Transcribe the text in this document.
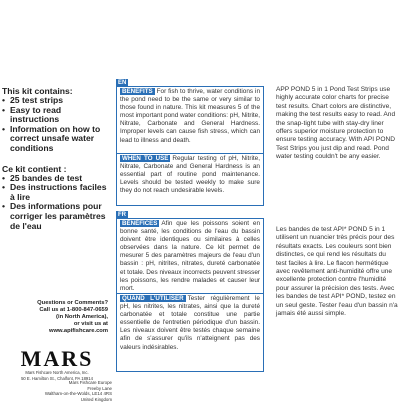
This kit contains:

• 25 test strips
• Easy to read instructions
• Information on how to correct unsafe water conditions

Ce kit contient :

• 25 bandes de test
• Des instructions faciles à lire
• Des informations pour corriger les paramètres de l'eau
Questions or Comments?
Call us at 1-800-847-0659
(in North America),
or visit us at
www.apifishcare.com
MARS
Mars Fishcare North America, Inc.
50 E. Hamilton St., Chalfont, PA 18914
Mars Fishcare Europe
Freeby Lane
Waltham-on-the-Wolds, LE14 4RS
United Kingdom
EN
BENEFITS For fish to thrive, water conditions in the pond need to be the same or very similar to those found in nature. This kit measures 5 of the most important pond water conditions: pH, Nitrite, Nitrate, Carbonate and General Hardness. Improper levels can cause fish stress, which can lead to illness and death.
WHEN TO USE Regular testing of pH, Nitrite, Nitrate, Carbonate and General Hardness is an essential part of routine pond maintenance. Levels should be tested weekly to make sure they do not reach undesirable levels.
FR
BÉNÉFICES Afin que les poissons soient en bonne santé, les conditions de l'eau du bassin doivent être identiques ou similaires à celles observées dans la nature. Ce kit permet de mesurer 5 des paramètres majeurs de l'eau d'un bassin : pH, nitrites, nitrates, dureté carbonatée et totale. Des niveaux incorrects peuvent stresser les poissons, les rendre malades et causer leur mort.
QUAND L'UTILISER Tester régulièrement le pH, les nitrites, les nitrates, ainsi que la dureté carbonatée et totale constitue une partie essentielle de l'entretien périodique d'un bassin. Les niveaux doivent être testés chaque semaine afin de s'assurer qu'ils n'atteignent pas des valeurs indésirables.
APP POND 5 in 1 Pond Test Strips use highly accurate color charts for precise test results. Chart colors are distinctive, making the test results easy to read. And the snap-tight tube with stay-dry liner offers superior moisture protection to ensure testing accuracy. With API POND Test Strips you just dip and read. Pond water testing couldn't be any easier.
Les bandes de test API* POND 5 in 1 utilisent un nuancier très précis pour des résultats exacts. Les couleurs sont bien distinctes, ce qui rend les résultats du test faciles à lire. Le flacon hermétique avec revêtement anti-humidité offre une excellente protection contre l'humidité pour assurer la précision des tests. Avec les bandes de test API* POND, testez en un seul geste. Tester l'eau d'un bassin n'a jamais été aussi simple.
